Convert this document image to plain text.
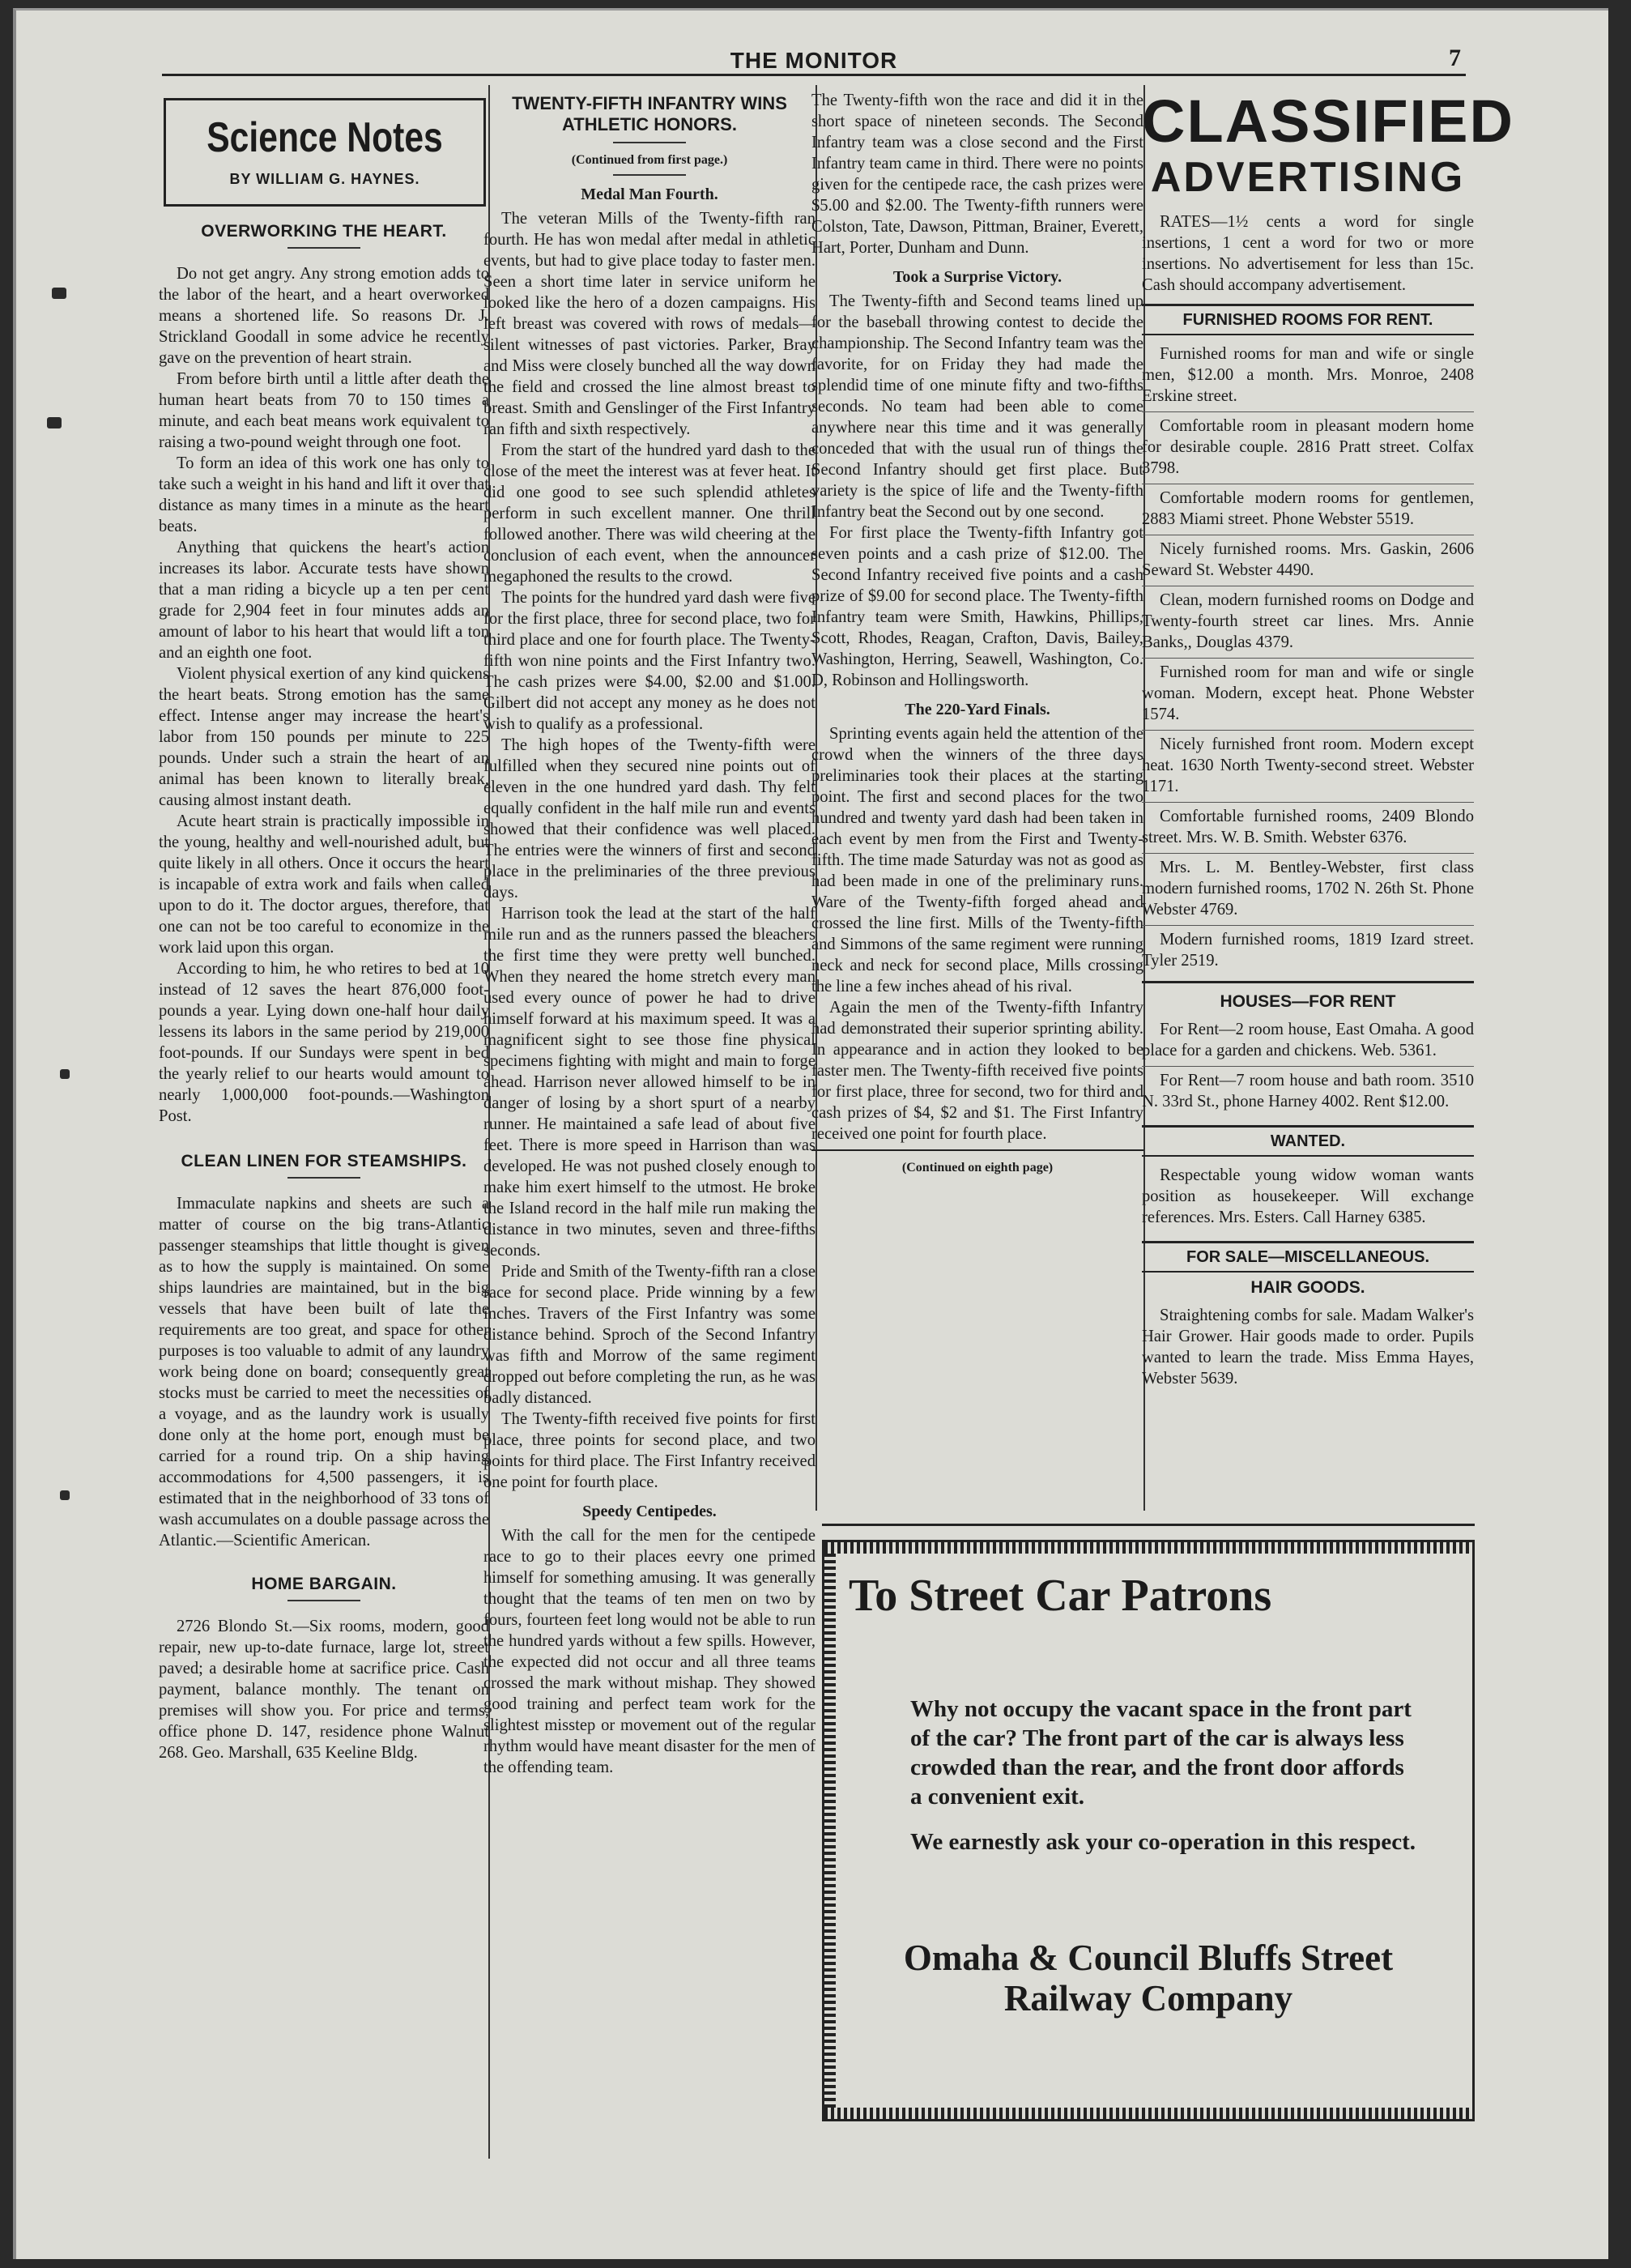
THE MONITOR	7
Science Notes
BY WILLIAM G. HAYNES.
OVERWORKING THE HEART.

Do not get angry. Any strong emotion adds to the labor of the heart, and a heart overworked means a shortened life. So reasons Dr. J. Strickland Goodall in some advice he recently gave on the prevention of heart strain.

From before birth until a little after death the human heart beats from 70 to 150 times a minute, and each beat means work equivalent to raising a two-pound weight through one foot.

To form an idea of this work one has only to take such a weight in his hand and lift it over that distance as many times in a minute as the heart beats.

Anything that quickens the heart's action increases its labor. Accurate tests have shown that a man riding a bicycle up a ten per cent grade for 2,904 feet in four minutes adds an amount of labor to his heart that would lift a ton and an eighth one foot.

Violent physical exertion of any kind quickens the heart beats. Strong emotion has the same effect. Intense anger may increase the heart's labor from 150 pounds per minute to 225 pounds. Under such a strain the heart of an animal has been known to literally break, causing almost instant death.

Acute heart strain is practically impossible in the young, healthy and well-nourished adult, but quite likely in all others. Once it occurs the heart is incapable of extra work and fails when called upon to do it. The doctor argues, therefore, that one can not be too careful to economize in the work laid upon this organ.

According to him, he who retires to bed at 10 instead of 12 saves the heart 876,000 foot-pounds a year. Lying down one-half hour daily lessens its labors in the same period by 219,000 foot-pounds. If our Sundays were spent in bed the yearly relief to our hearts would amount to nearly 1,000,000 foot-pounds.—Washington Post.

CLEAN LINEN FOR STEAMSHIPS.

Immaculate napkins and sheets are such a matter of course on the big trans-Atlantic passenger steamships that little thought is given as to how the supply is maintained. On some ships laundries are maintained, but in the big vessels that have been built of late the requirements are too great, and space for other purposes is too valuable to admit of any laundry work being done on board; consequently great stocks must be carried to meet the necessities of a voyage, and as the laundry work is usually done only at the home port, enough must be carried for a round trip. On a ship having accommodations for 4,500 passengers, it is estimated that in the neighborhood of 33 tons of wash accumulates on a double passage across the Atlantic.—Scientific American.

HOME BARGAIN.

2726 Blondo St.—Six rooms, modern, good repair, new up-to-date furnace, large lot, street paved; a desirable home at sacrifice price. Cash payment, balance monthly. The tenant on premises will show you. For price and terms, office phone D. 147, residence phone Walnut 268. Geo. Marshall, 635 Keeline Bldg.

TWENTY-FIFTH INFANTRY WINS ATHLETIC HONORS.
(Continued from first page.)
Medal Man Fourth.

The veteran Mills of the Twenty-fifth ran fourth. He has won medal after medal in athletic events, but had to give place today to faster men. Seen a short time later in service uniform he looked like the hero of a dozen campaigns. His left breast was covered with rows of medals—silent witnesses of past victories. Parker, Bray and Miss were closely bunched all the way down the field and crossed the line almost breast to breast. Smith and Genslinger of the First Infantry ran fifth and sixth respectively.

From the start of the hundred yard dash to the close of the meet the interest was at fever heat. It did one good to see such splendid athletes perform in such excellent manner. One thrill followed another. There was wild cheering at the conclusion of each event, when the announcer megaphoned the results to the crowd.

The points for the hundred yard dash were five for the first place, three for second place, two for third place and one for fourth place. The Twenty-fifth won nine points and the First Infantry two. The cash prizes were $4.00, $2.00 and $1.00. Gilbert did not accept any money as he does not wish to qualify as a professional.

The high hopes of the Twenty-fifth were fulfilled when they secured nine points out of eleven in the one hundred yard dash. Thy felt equally confident in the half mile run and events showed that their confidence was well placed. The entries were the winners of first and second place in the preliminaries of the three previous days.

Harrison took the lead at the start of the half mile run and as the runners passed the bleachers the first time they were pretty well bunched. When they neared the home stretch every man used every ounce of power he had to drive himself forward at his maximum speed. It was a magnificent sight to see those fine physical specimens fighting with might and main to forge ahead. Harrison never allowed himself to be in danger of losing by a short spurt of a nearby runner. He maintained a safe lead of about five feet. There is more speed in Harrison than was developed. He was not pushed closely enough to make him exert himself to the utmost. He broke the Island record in the half mile run making the distance in two minutes, seven and three-fifths seconds.

Pride and Smith of the Twenty-fifth ran a close race for second place. Pride winning by a few inches. Travers of the First Infantry was some distance behind. Sproch of the Second Infantry was fifth and Morrow of the same regiment dropped out before completing the run, as he was badly distanced.

The Twenty-fifth received five points for first place, three points for second place, and two points for third place. The First Infantry received one point for fourth place.

Speedy Centipedes.

With the call for the men for the centipede race to go to their places eevry one primed himself for something amusing. It was generally thought that the teams of ten men on two by fours, fourteen feet long would not be able to run the hundred yards without a few spills. However, the expected did not occur and all three teams crossed the mark without mishap. They showed good training and perfect team work for the slightest misstep or movement out of the regular rhythm would have meant disaster for the men of the offending team.

The Twenty-fifth won the race and did it in the short space of nineteen seconds. The Second Infantry team was a close second and the First Infantry team came in third. There were no points given for the centipede race, the cash prizes were $5.00 and $2.00. The Twenty-fifth runners were Colston, Tate, Dawson, Pittman, Brainer, Everett, Hart, Porter, Dunham and Dunn.

Took a Surprise Victory.

The Twenty-fifth and Second teams lined up for the baseball throwing contest to decide the championship. The Second Infantry team was the favorite, for on Friday they had made the splendid time of one minute fifty and two-fifths seconds. No team had been able to come anywhere near this time and it was generally conceded that with the usual run of things the Second Infantry should get first place. But variety is the spice of life and the Twenty-fifth Infantry beat the Second out by one second.

For first place the Twenty-fifth Infantry got seven points and a cash prize of $12.00. The Second Infantry received five points and a cash prize of $9.00 for second place. The Twenty-fifth Infantry team were Smith, Hawkins, Phillips, Scott, Rhodes, Reagan, Crafton, Davis, Bailey, Washington, Herring, Seawell, Washington, Co. D, Robinson and Hollingsworth.

The 220-Yard Finals.

Sprinting events again held the attention of the crowd when the winners of the three days preliminaries took their places at the starting point. The first and second places for the two hundred and twenty yard dash had been taken in each event by men from the First and Twenty-fifth. The time made Saturday was not as good as had been made in one of the preliminary runs. Ware of the Twenty-fifth forged ahead and crossed the line first. Mills of the Twenty-fifth and Simmons of the same regiment were running neck and neck for second place, Mills crossing the line a few inches ahead of his rival.

Again the men of the Twenty-fifth Infantry had demonstrated their superior sprinting ability. In appearance and in action they looked to be faster men. The Twenty-fifth received five points for first place, three for second, two for third and cash prizes of $4, $2 and $1. The First Infantry received one point for fourth place.

(Continued on eighth page)
CLASSIFIED
ADVERTISING

RATES—1½ cents a word for single insertions, 1 cent a word for two or more insertions. No advertisement for less than 15c. Cash should accompany advertisement.

FURNISHED ROOMS FOR RENT.

Furnished rooms for man and wife or single men, $12.00 a month. Mrs. Monroe, 2408 Erskine street.

Comfortable room in pleasant modern home for desirable couple. 2816 Pratt street. Colfax 3798.

Comfortable modern rooms for gentlemen, 2883 Miami street. Phone Webster 5519.

Nicely furnished rooms. Mrs. Gaskin, 2606 Seward St. Webster 4490.

Clean, modern furnished rooms on Dodge and Twenty-fourth street car lines. Mrs. Annie Banks,, Douglas 4379.

Furnished room for man and wife or single woman. Modern, except heat. Phone Webster 1574.

Nicely furnished front room. Modern except heat. 1630 North Twenty-second street. Webster 1171.

Comfortable furnished rooms, 2409 Blondo street. Mrs. W. B. Smith. Webster 6376.

Mrs. L. M. Bentley-Webster, first class modern furnished rooms, 1702 N. 26th St. Phone Webster 4769.

Modern furnished rooms, 1819 Izard street. Tyler 2519.

HOUSES—FOR RENT

For Rent—2 room house, East Omaha. A good place for a garden and chickens. Web. 5361.

For Rent—7 room house and bath room. 3510 N. 33rd St., phone Harney 4002. Rent $12.00.

WANTED.

Respectable young widow woman wants position as housekeeper. Will exchange references. Mrs. Esters. Call Harney 6385.

FOR SALE—MISCELLANEOUS.
HAIR GOODS.

Straightening combs for sale. Madam Walker's Hair Grower. Hair goods made to order. Pupils wanted to learn the trade. Miss Emma Hayes, Webster 5639.

To Street Car Patrons
Why not occupy the vacant space in the front part of the car? The front part of the car is always less crowded than the rear, and the front door affords a convenient exit.
We earnestly ask your co-operation in this respect.
Omaha & Council Bluffs Street Railway Company
